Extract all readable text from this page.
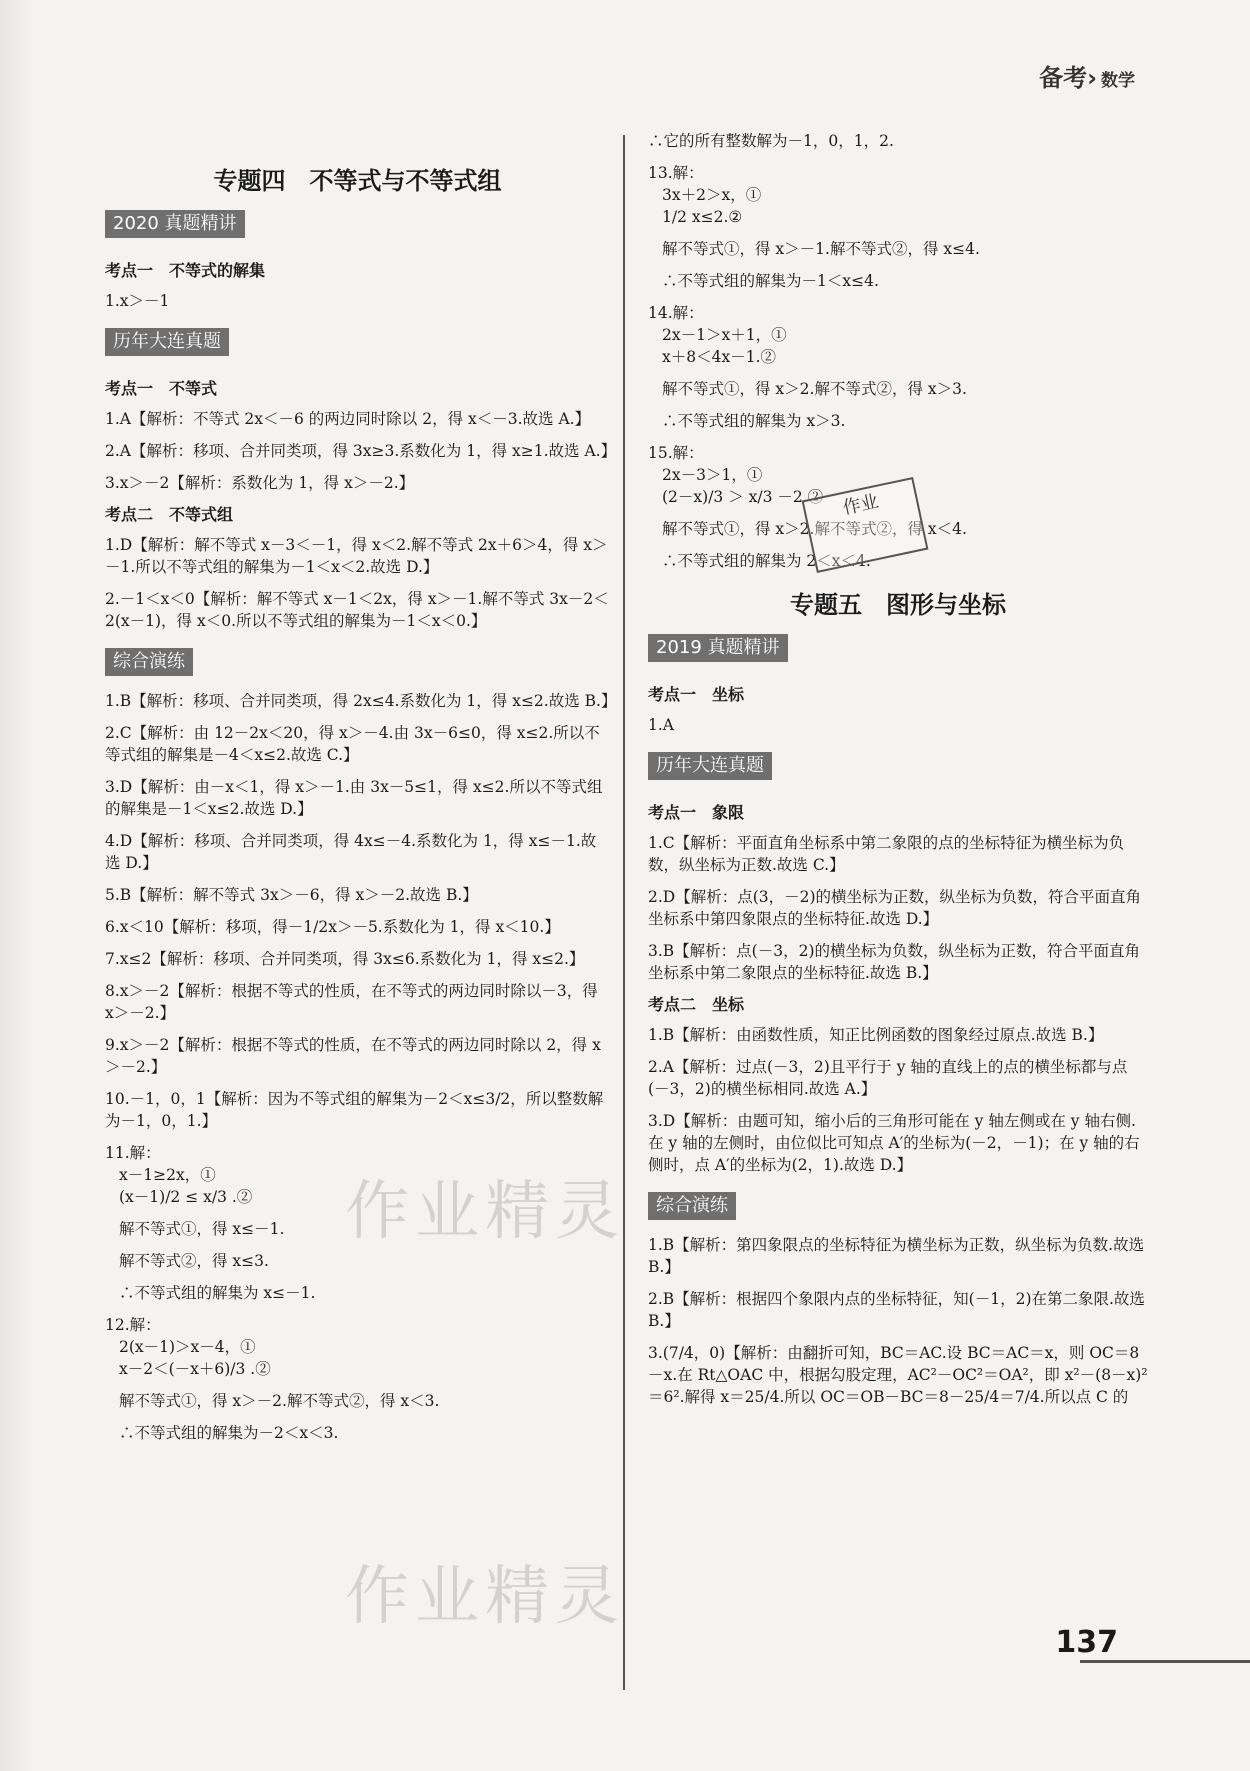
备考› 数学
专题四　不等式与不等式组
2020 真题精讲
考点一　不等式的解集

1.x＞－1

历年大连真题
考点一　不等式

1.A【解析：不等式 2x＜－6 的两边同时除以 2，得 x＜－3.故选 A.】

2.A【解析：移项、合并同类项，得 3x≥3.系数化为 1，得 x≥1.故选 A.】

3.x＞－2【解析：系数化为 1，得 x＞－2.】

考点二　不等式组

1.D【解析：解不等式 x－3＜－1，得 x＜2.解不等式 2x＋6＞4，得 x＞－1.所以不等式组的解集为－1＜x＜2.故选 D.】

2.－1＜x＜0【解析：解不等式 x－1＜2x，得 x＞－1.解不等式 3x－2＜2(x－1)，得 x＜0.所以不等式组的解集为－1＜x＜0.】

综合演练

1.B【解析：移项、合并同类项，得 2x≤4.系数化为 1，得 x≤2.故选 B.】

2.C【解析：由 12－2x＜20，得 x＞－4.由 3x－6≤0，得 x≤2.所以不等式组的解集是－4＜x≤2.故选 C.】

3.D【解析：由－x＜1，得 x＞－1.由 3x－5≤1，得 x≤2.所以不等式组的解集是－1＜x≤2.故选 D.】

4.D【解析：移项、合并同类项，得 4x≤－4.系数化为 1，得 x≤－1.故选 D.】

5.B【解析：解不等式 3x＞－6，得 x＞－2.故选 B.】

6.x＜10【解析：移项，得－1/2x＞－5.系数化为 1，得 x＜10.】

7.x≤2【解析：移项、合并同类项，得 3x≤6.系数化为 1，得 x≤2.】

8.x＞－2【解析：根据不等式的性质，在不等式的两边同时除以－3，得 x＞－2.】

9.x＞－2【解析：根据不等式的性质，在不等式的两边同时除以 2，得 x＞－2.】

10.－1，0，1【解析：因为不等式组的解集为－2＜x≤3/2，所以整数解为－1，0，1.】

11.解：
x－1≥2x，①
(x－1)/2 ≤ x/3 .②

解不等式①，得 x≤－1.

解不等式②，得 x≤3.

∴不等式组的解集为 x≤－1.

12.解：
2(x－1)＞x－4，①
x－2＜(－x＋6)/3 .②

解不等式①，得 x＞－2.解不等式②，得 x＜3.

∴不等式组的解集为－2＜x＜3.

∴它的所有整数解为－1，0，1，2.

13.解：
3x＋2＞x，①
1/2 x≤2.②

解不等式①，得 x＞－1.解不等式②，得 x≤4.

∴不等式组的解集为－1＜x≤4.

14.解：
2x－1＞x＋1，①
x＋8＜4x－1.②

解不等式①，得 x＞2.解不等式②，得 x＞3.

∴不等式组的解集为 x＞3.

15.解：
2x－3＞1，①
(2－x)/3 ＞ x/3 －2.②

解不等式①，得 x＞2.解不等式②，得 x＜4.

∴不等式组的解集为 2＜x＜4.

专题五　图形与坐标
2019 真题精讲
考点一　坐标

1.A

历年大连真题
考点一　象限

1.C【解析：平面直角坐标系中第二象限的点的坐标特征为横坐标为负数，纵坐标为正数.故选 C.】

2.D【解析：点(3，－2)的横坐标为正数，纵坐标为负数，符合平面直角坐标系中第四象限点的坐标特征.故选 D.】

3.B【解析：点(－3，2)的横坐标为负数，纵坐标为正数，符合平面直角坐标系中第二象限点的坐标特征.故选 B.】

考点二　坐标

1.B【解析：由函数性质，知正比例函数的图象经过原点.故选 B.】

2.A【解析：过点(－3，2)且平行于 y 轴的直线上的点的横坐标都与点(－3，2)的横坐标相同.故选 A.】

3.D【解析：由题可知，缩小后的三角形可能在 y 轴左侧或在 y 轴右侧.在 y 轴的左侧时，由位似比可知点 A′的坐标为(－2，－1)；在 y 轴的右侧时，点 A′的坐标为(2，1).故选 D.】

综合演练

1.B【解析：第四象限点的坐标特征为横坐标为正数，纵坐标为负数.故选 B.】

2.B【解析：根据四个象限内点的坐标特征，知(－1，2)在第二象限.故选 B.】

3.(7/4，0)【解析：由翻折可知，BC＝AC.设 BC＝AC＝x，则 OC＝8－x.在 Rt△OAC 中，根据勾股定理，AC²－OC²＝OA²，即 x²－(8－x)²＝6².解得 x＝25/4.所以 OC＝OB－BC＝8－25/4＝7/4.所以点 C 的

作业
作业精灵
作业精灵
137
